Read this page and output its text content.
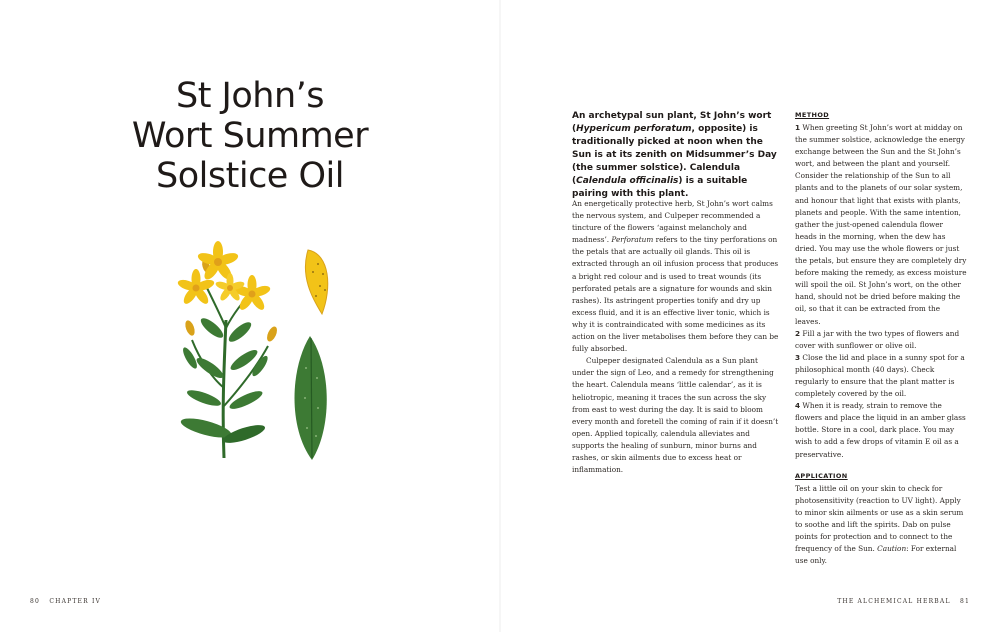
St John’s
Wort Summer
Solstice Oil

An archetypal sun plant, St John’s wort (Hypericum perforatum, opposite) is traditionally picked at noon when the Sun is at its zenith on Midsummer’s Day (the summer solstice). Calendula (Calendula officinalis) is a suitable pairing with this plant.

An energetically protective herb, St John’s wort calms the nervous system, and Culpeper recommended a tincture of the flowers ‘against melancholy and madness’. Perforatum refers to the tiny perforations on the petals that are actually oil glands. This oil is extracted through an oil infusion process that produces a bright red colour and is used to treat wounds (its perforated petals are a signature for wounds and skin rashes). Its astringent properties tonify and dry up excess fluid, and it is an effective liver tonic, which is why it is contraindicated with some medicines as its action on the liver metabolises them before they can be fully absorbed.

Culpeper designated Calendula as a Sun plant under the sign of Leo, and a remedy for strengthening the heart. Calendula means ‘little calendar’, as it is heliotropic, meaning it traces the sun across the sky from east to west during the day. It is said to bloom every month and foretell the coming of rain if it doesn’t open. Applied topically, calendula alleviates and supports the healing of sunburn, minor burns and rashes, or skin ailments due to excess heat or inflammation.

METHOD

1 When greeting St John’s wort at midday on the summer solstice, acknowledge the energy exchange between the Sun and the St John’s wort, and between the plant and yourself. Consider the relationship of the Sun to all plants and to the planets of our solar system, and honour that light that exists with plants, planets and people. With the same intention, gather the just-opened calendula flower heads in the morning, when the dew has dried. You may use the whole flowers or just the petals, but ensure they are completely dry before making the remedy, as excess moisture will spoil the oil. St John’s wort, on the other hand, should not be dried before making the oil, so that it can be extracted from the leaves.

2 Fill a jar with the two types of flowers and cover with sunflower or olive oil.

3 Close the lid and place in a sunny spot for a philosophical month (40 days). Check regularly to ensure that the plant matter is completely covered by the oil.

4 When it is ready, strain to remove the flowers and place the liquid in an amber glass bottle. Store in a cool, dark place. You may wish to add a few drops of vitamin E oil as a preservative.

APPLICATION

Test a little oil on your skin to check for photosensitivity (reaction to UV light). Apply to minor skin ailments or use as a skin serum to soothe and lift the spirits. Dab on pulse points for protection and to connect to the frequency of the Sun. Caution: For external use only.

80   CHAPTER IV	THE ALCHEMICAL HERBAL   81
